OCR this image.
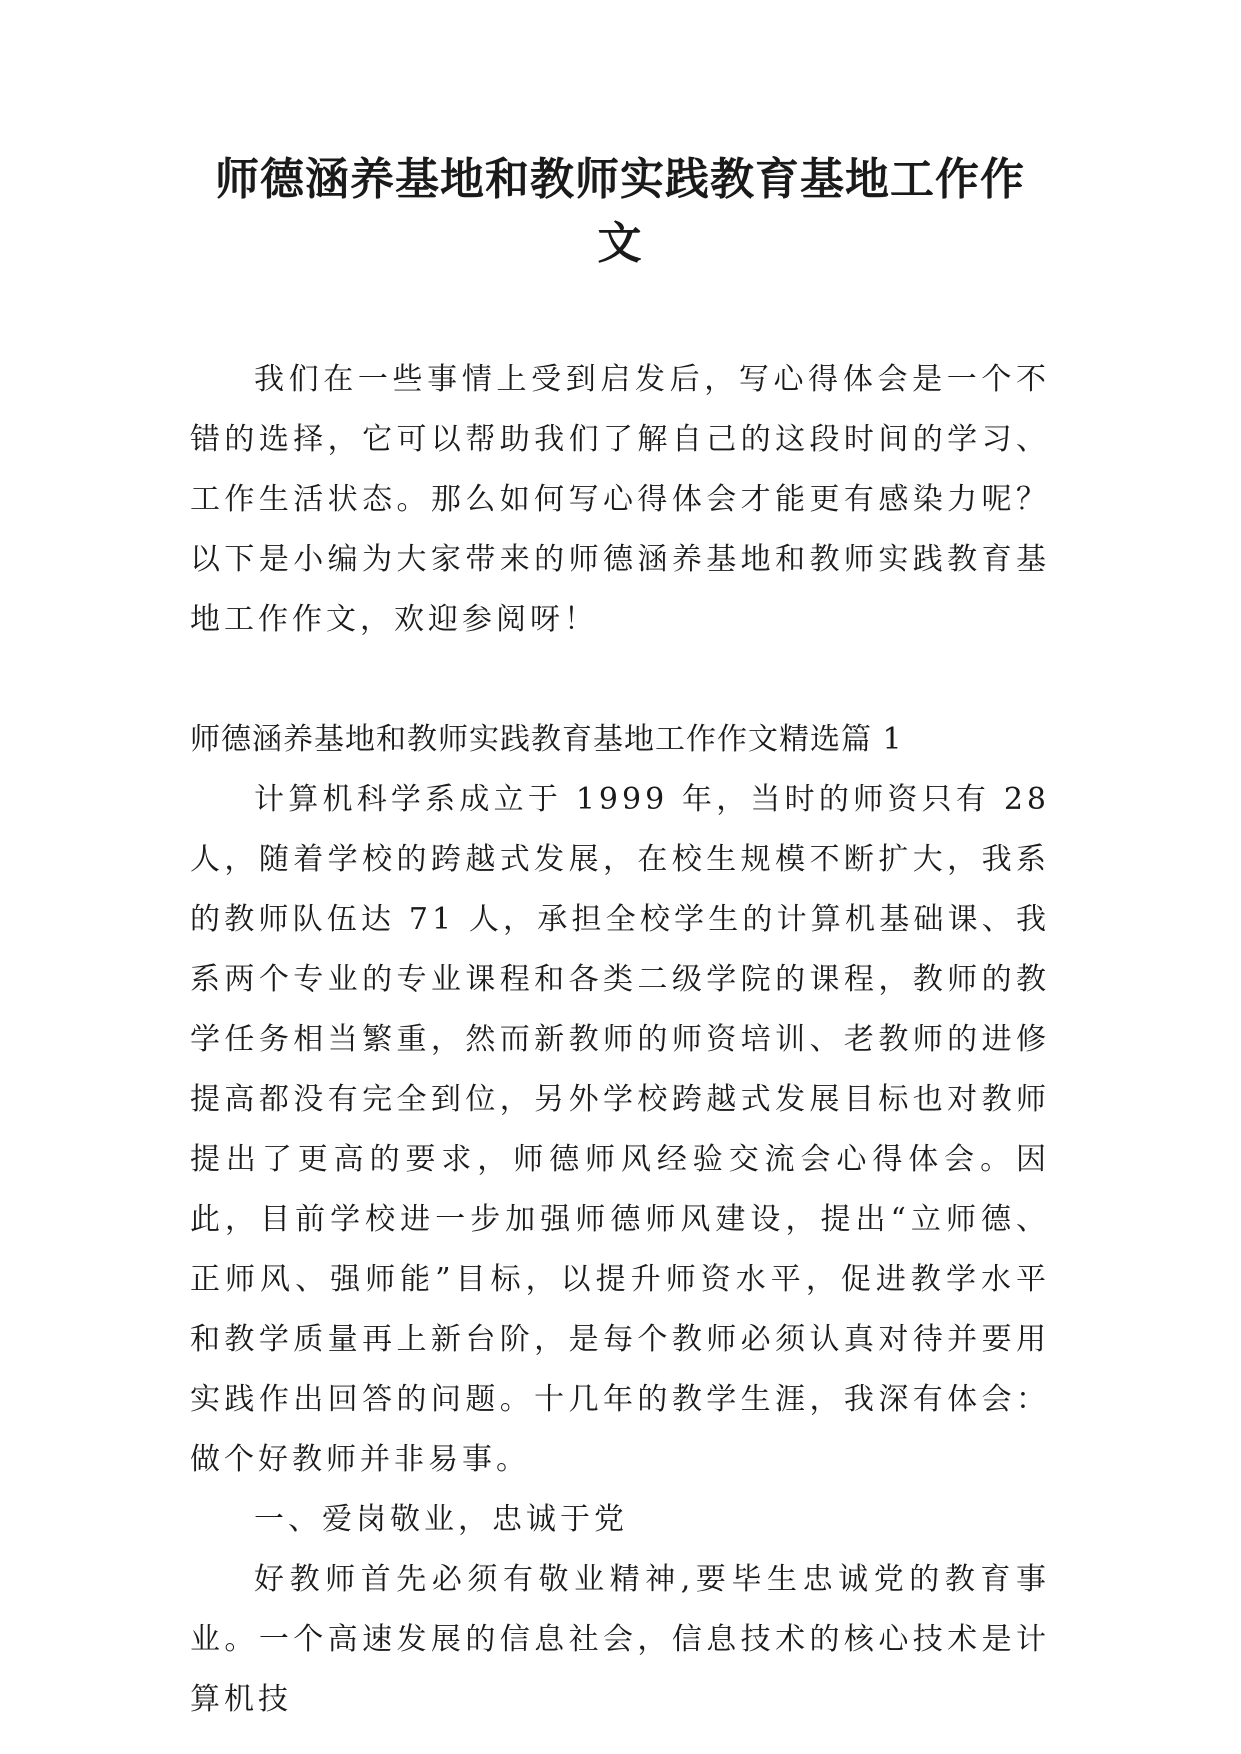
师德涵养基地和教师实践教育基地工作作
文

我们在一些事情上受到启发后，写心得体会是一个不错的选择，它可以帮助我们了解自己的这段时间的学习、工作生活状态。那么如何写心得体会才能更有感染力呢？以下是小编为大家带来的师德涵养基地和教师实践教育基地工作作文，欢迎参阅呀！

师德涵养基地和教师实践教育基地工作作文精选篇 1

计算机科学系成立于 1999 年，当时的师资只有 28 人，随着学校的跨越式发展，在校生规模不断扩大，我系的教师队伍达 71 人，承担全校学生的计算机基础课、我系两个专业的专业课程和各类二级学院的课程，教师的教学任务相当繁重，然而新教师的师资培训、老教师的进修提高都没有完全到位，另外学校跨越式发展目标也对教师提出了更高的要求，师德师风经验交流会心得体会。因此，目前学校进一步加强师德师风建设，提出“立师德、正师风、强师能”目标，以提升师资水平，促进教学水平和教学质量再上新台阶，是每个教师必须认真对待并要用实践作出回答的问题。十几年的教学生涯，我深有体会：做个好教师并非易事。

一、爱岗敬业，忠诚于党

好教师首先必须有敬业精神,要毕生忠诚党的教育事业。一个高速发展的信息社会，信息技术的核心技术是计算机技
